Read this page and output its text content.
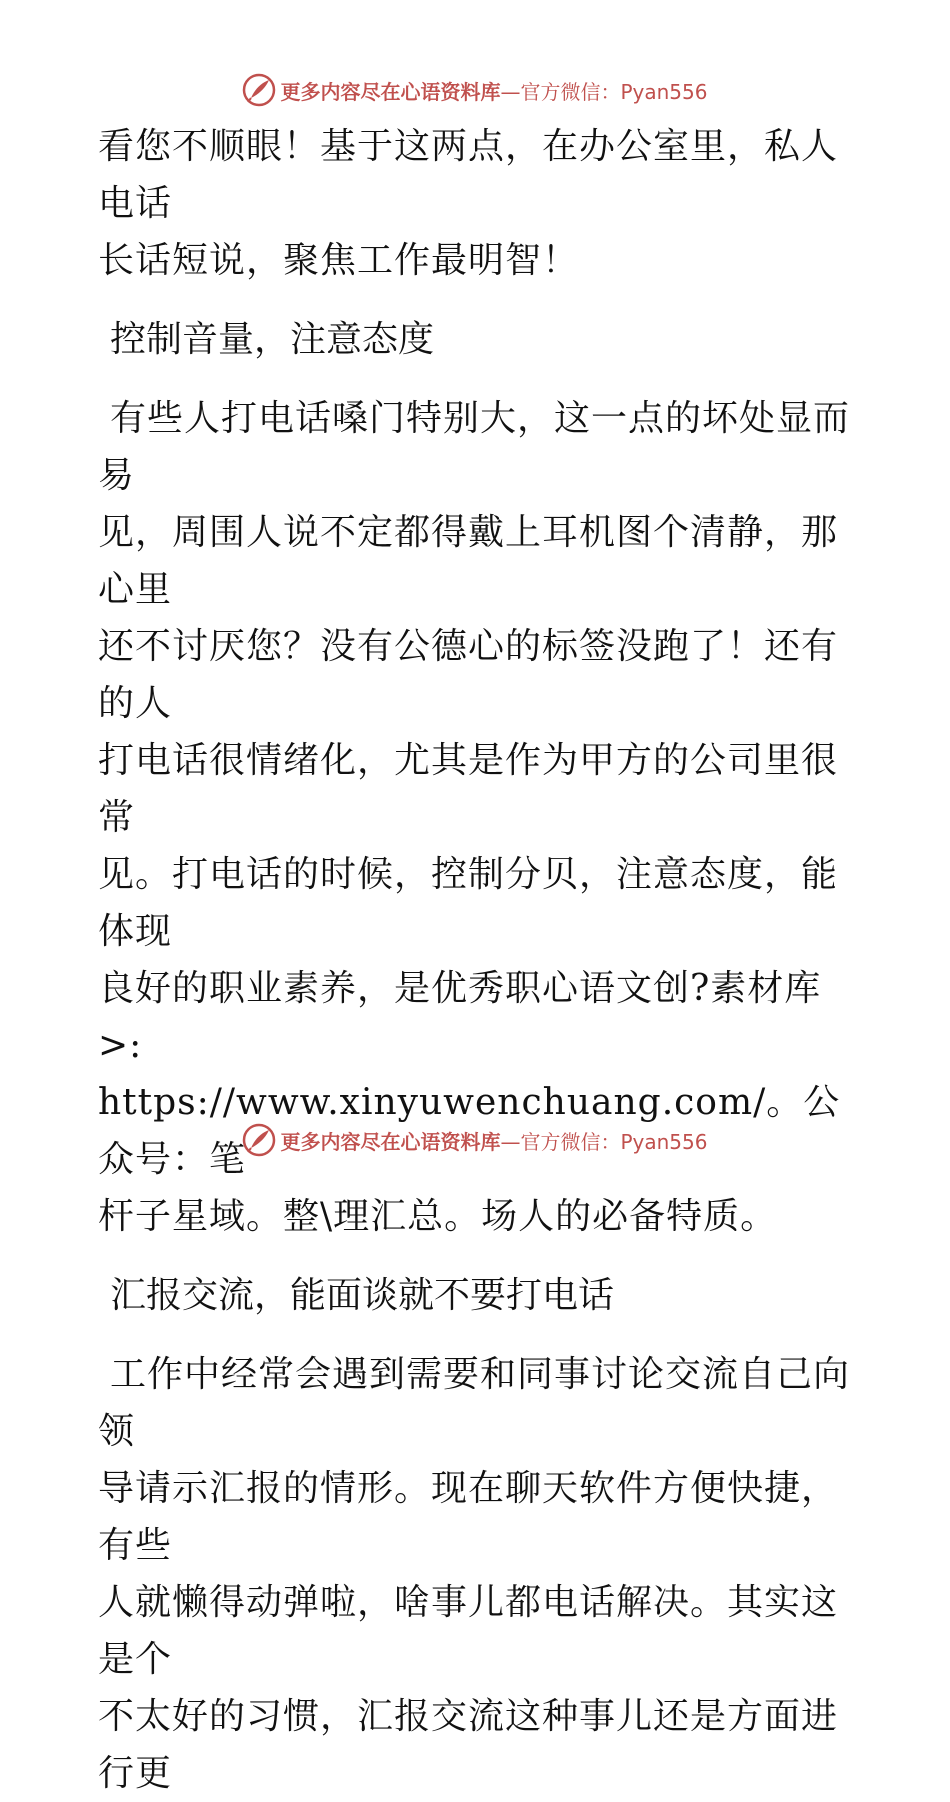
更多内容尽在心语资料库—官方微信：Pyan556

看您不顺眼！基于这两点，在办公室里，私人电话
长话短说，聚焦工作最明智！

控制音量，注意态度

有些人打电话嗓门特别大，这一点的坏处显而易
见，周围人说不定都得戴上耳机图个清静，那心里
还不讨厌您？没有公德心的标签没跑了！还有的人
打电话很情绪化，尤其是作为甲方的公司里很常
见。打电话的时候，控制分贝，注意态度，能体现
良好的职业素养，是优秀职心语文创?素材库>:
https://www.xinyuwenchuang.com/。公众号：笔
杆子星域。整\理汇总。场人的必备特质。

汇报交流，能面谈就不要打电话

工作中经常会遇到需要和同事讨论交流自己向领
导请示汇报的情形。现在聊天软件方便快捷，有些
人就懒得动弹啦，啥事儿都电话解决。其实这是个
不太好的习惯，汇报交流这种事儿还是方面进行更

更多内容尽在心语资料库—官方微信：Pyan556
